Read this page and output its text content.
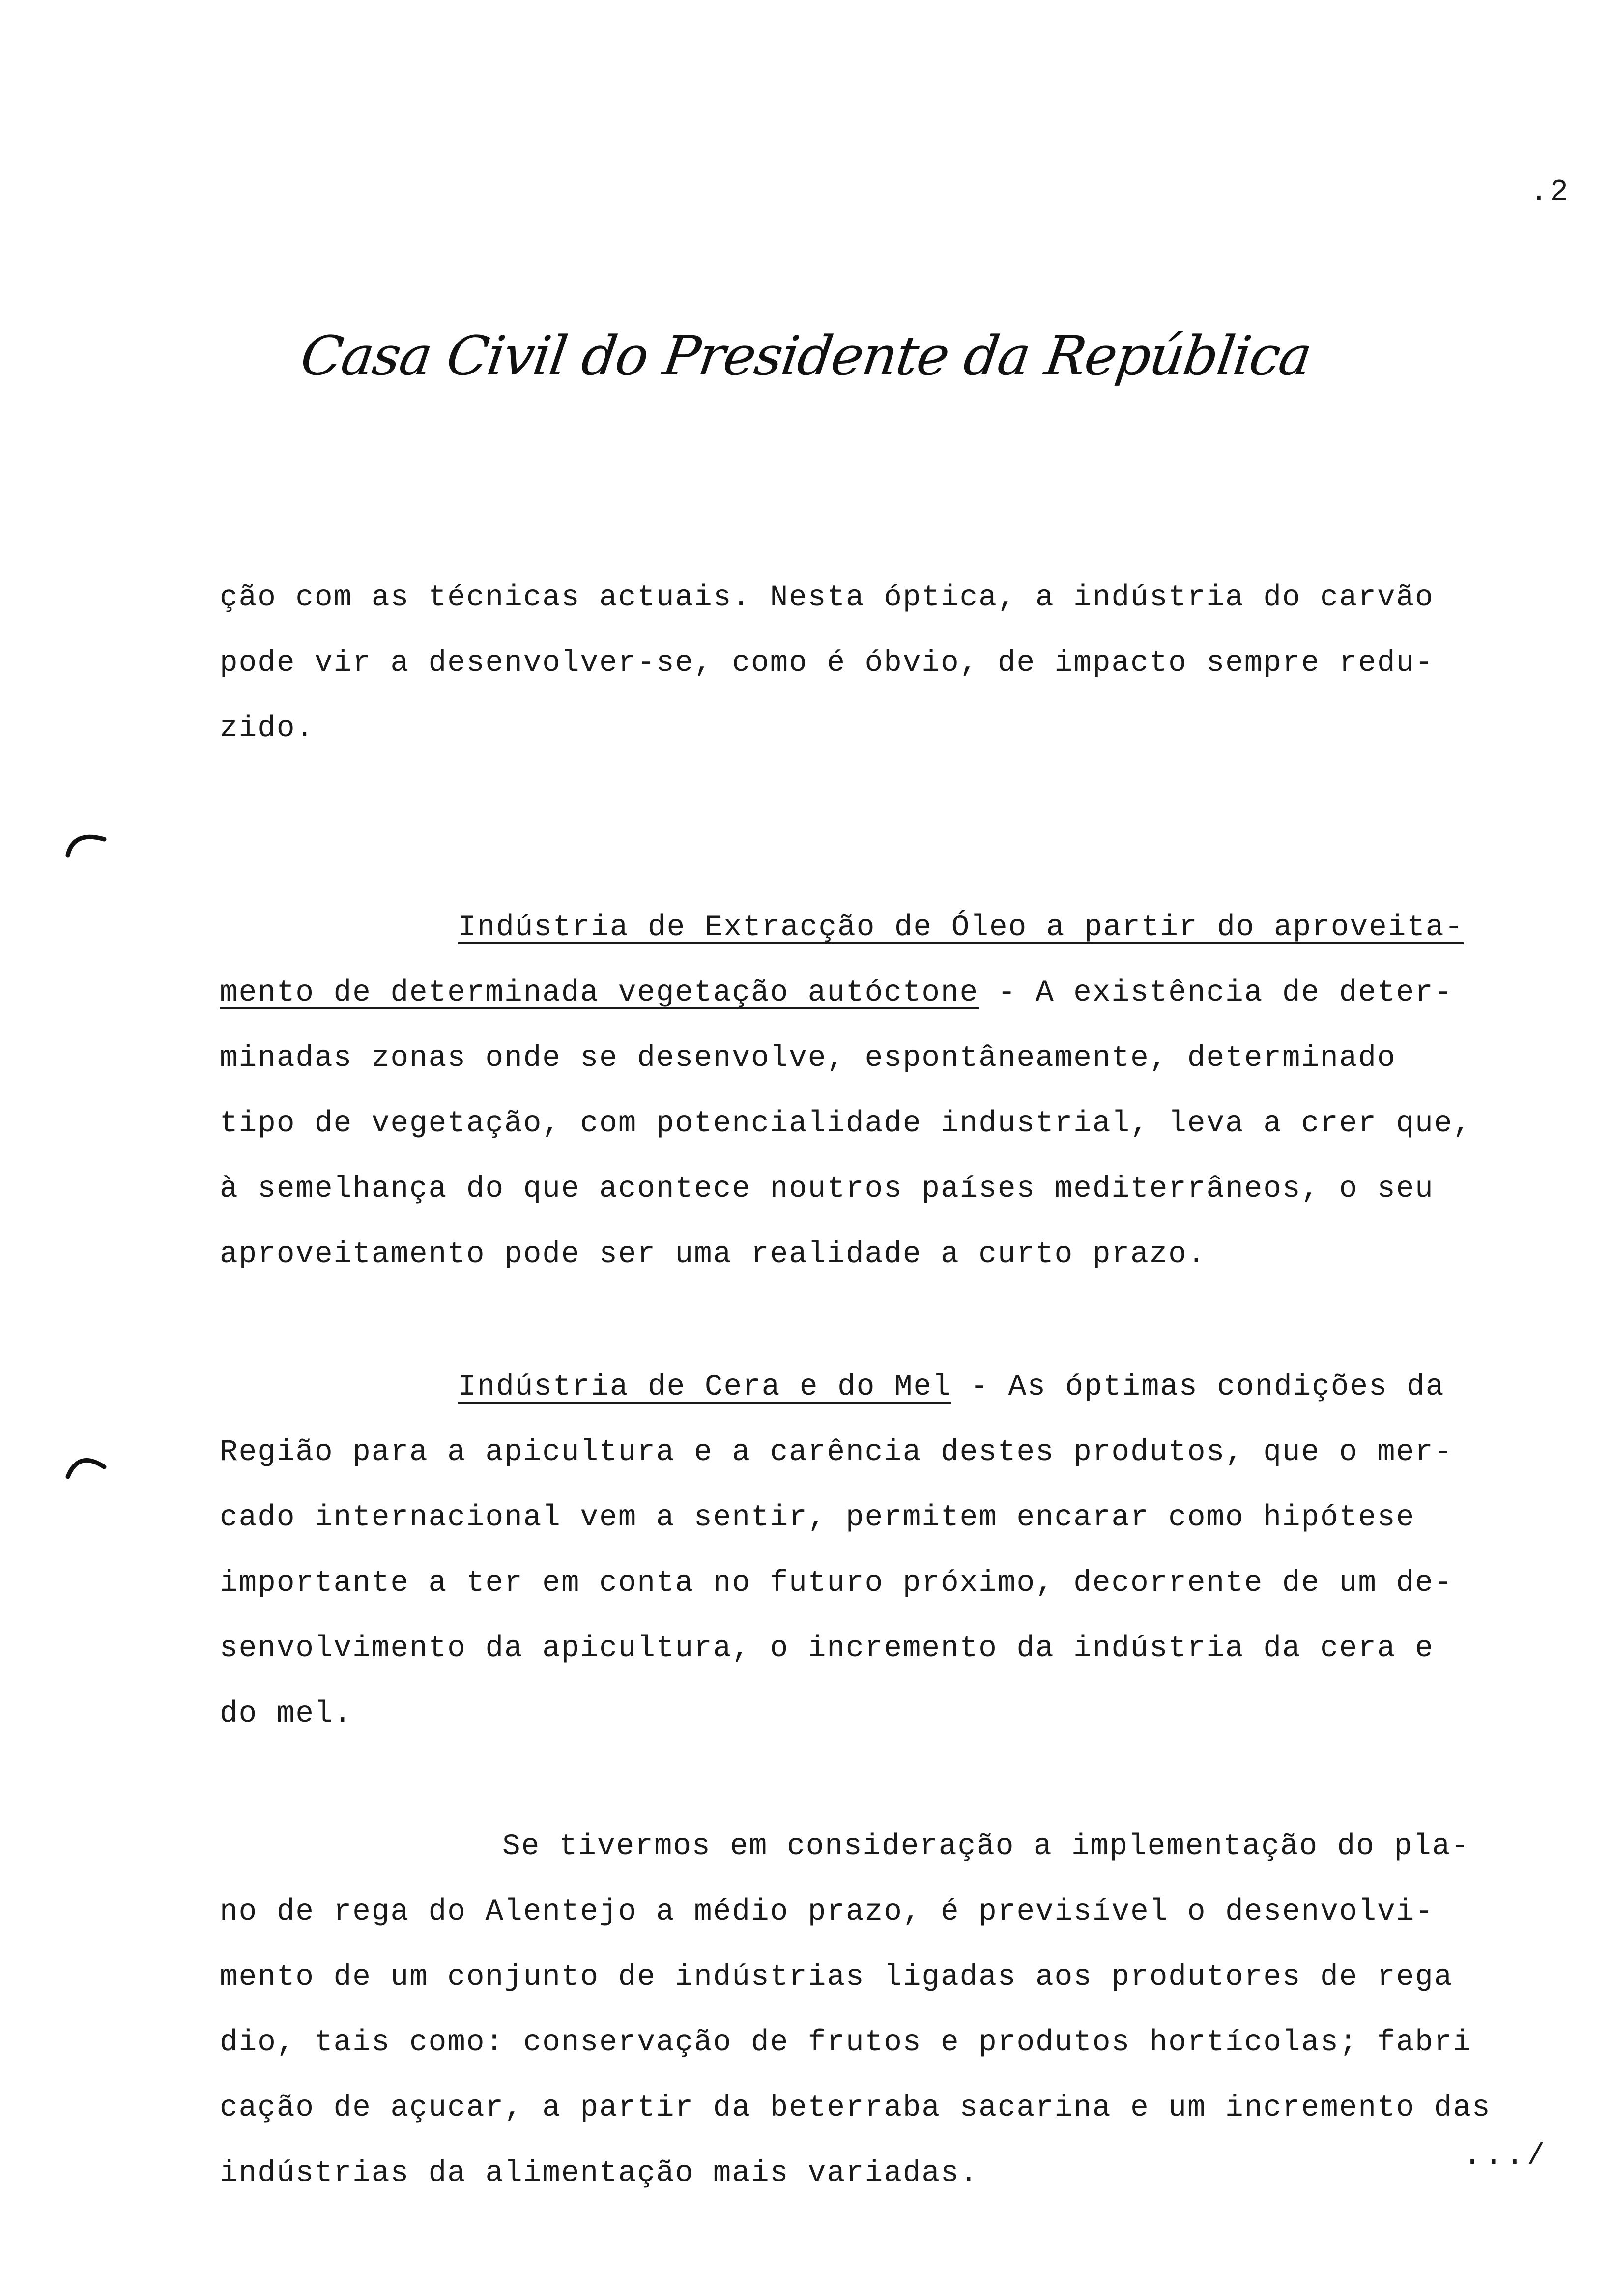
.2
Casa Civil do Presidente da República
ção com as técnicas actuais. Nesta óptica, a indústria do carvão
pode vir a desenvolver-se, como é óbvio, de impacto sempre redu-
zido.
Indústria de Extracção de Óleo a partir do aproveita-
mento de determinada vegetação autóctone - A existência de deter-
minadas zonas onde se desenvolve, espontâneamente, determinado
tipo de vegetação, com potencialidade industrial, leva a crer que,
à semelhança do que acontece noutros países mediterrâneos, o seu
aproveitamento pode ser uma realidade a curto prazo.
Indústria de Cera e do Mel - As óptimas condições da
Região para a apicultura e a carência destes produtos, que o mer-
cado internacional vem a sentir, permitem encarar como hipótese
importante a ter em conta no futuro próximo, decorrente de um de-
senvolvimento da apicultura, o incremento da indústria da cera e
do mel.
Se tivermos em consideração a implementação do pla-
no de rega do Alentejo a médio prazo, é previsível o desenvolvi-
mento de um conjunto de indústrias ligadas aos produtores de rega
dio, tais como: conservação de frutos e produtos hortícolas; fabri
cação de açucar, a partir da beterraba sacarina e um incremento das
indústrias da alimentação mais variadas.
.../
